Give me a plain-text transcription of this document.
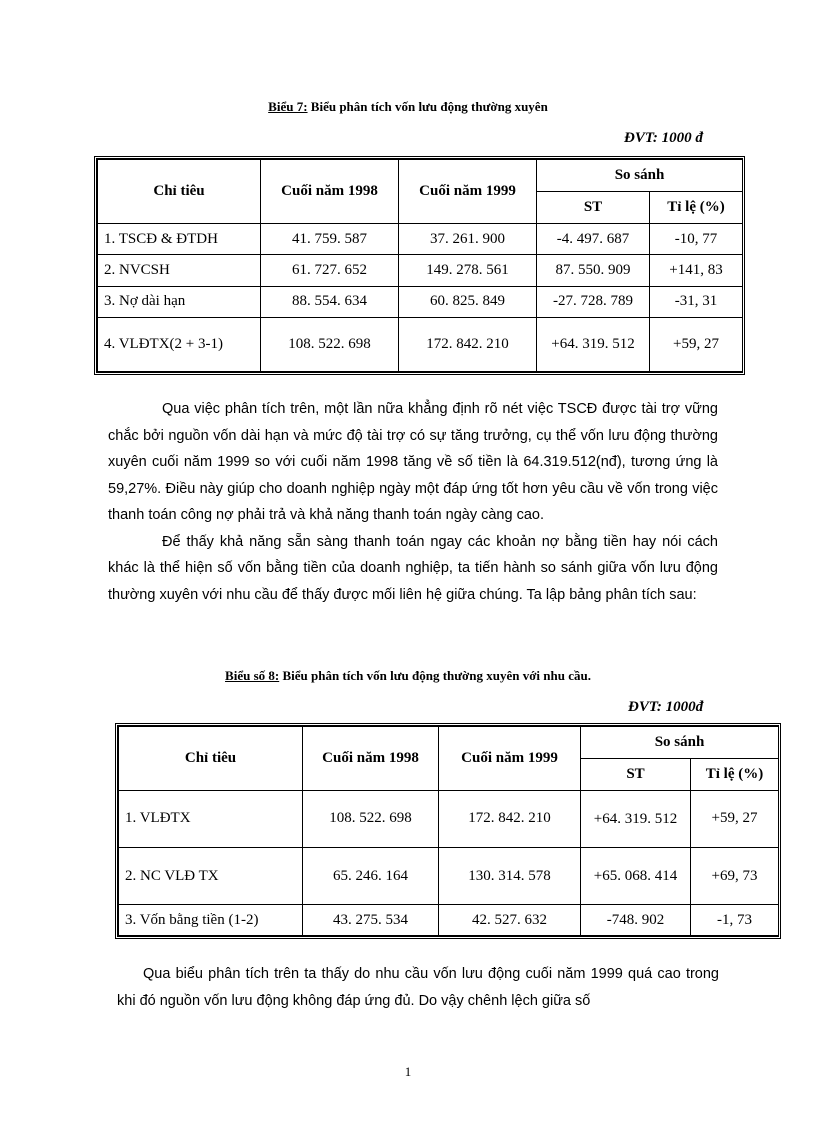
Biểu 7: Biểu phân tích vốn lưu động thường xuyên
ĐVT: 1000 đ
Chỉ tiêu	Cuối năm 1998	Cuối năm 1999	So sánh	
			ST	Tỉ lệ (%)
1. TSCĐ & ĐTDH	41. 759. 587	37. 261. 900	-4. 497. 687	-10, 77
2. NVCSH	61. 727. 652	149. 278. 561	87. 550. 909	+141, 83
3. Nợ dài hạn	88. 554. 634	60. 825. 849	-27. 728. 789	-31, 31
4. VLĐTX(2 + 3-1)	108. 522. 698	172. 842. 210	+64. 319. 512	+59, 27

Qua việc phân tích trên, một lần nữa khẳng định rõ nét việc TSCĐ được tài trợ vững chắc bởi nguồn vốn dài hạn và mức độ tài trợ có sự tăng trưởng, cụ thể vốn lưu động thường xuyên cuối năm 1999 so với cuối năm 1998 tăng về số tiền là 64.319.512(nđ), tương ứng là 59,27%. Điều này giúp cho doanh nghiệp ngày một đáp ứng tốt hơn yêu cầu về vốn trong việc thanh toán công nợ phải trả và khả năng thanh toán ngày càng cao.

Để thấy khả năng sẵn sàng thanh toán ngay các khoản nợ bằng tiền hay nói cách khác là thể hiện số vốn bằng tiền của doanh nghiệp, ta tiến hành so sánh giữa vốn lưu động thường xuyên với nhu cầu để thấy được mối liên hệ giữa chúng. Ta lập bảng phân tích sau:

Biểu số 8: Biểu phân tích vốn lưu động thường xuyên với nhu cầu.
ĐVT: 1000đ
Chỉ tiêu	Cuối năm 1998	Cuối năm 1999	So sánh	
			ST	Tỉ lệ (%)
1. VLĐTX	108. 522. 698	172. 842. 210	+64. 319. 512	+59, 27
2. NC VLĐ TX	65. 246. 164	130. 314. 578	+65. 068. 414	+69, 73
3. Vốn bằng tiền (1-2)	43. 275. 534	42. 527. 632	-748. 902	-1, 73

Qua biểu phân tích trên ta thấy do nhu cầu vốn lưu động cuối năm 1999 quá cao trong khi đó nguồn vốn lưu động không đáp ứng đủ. Do vậy chênh lệch giữa số

1
